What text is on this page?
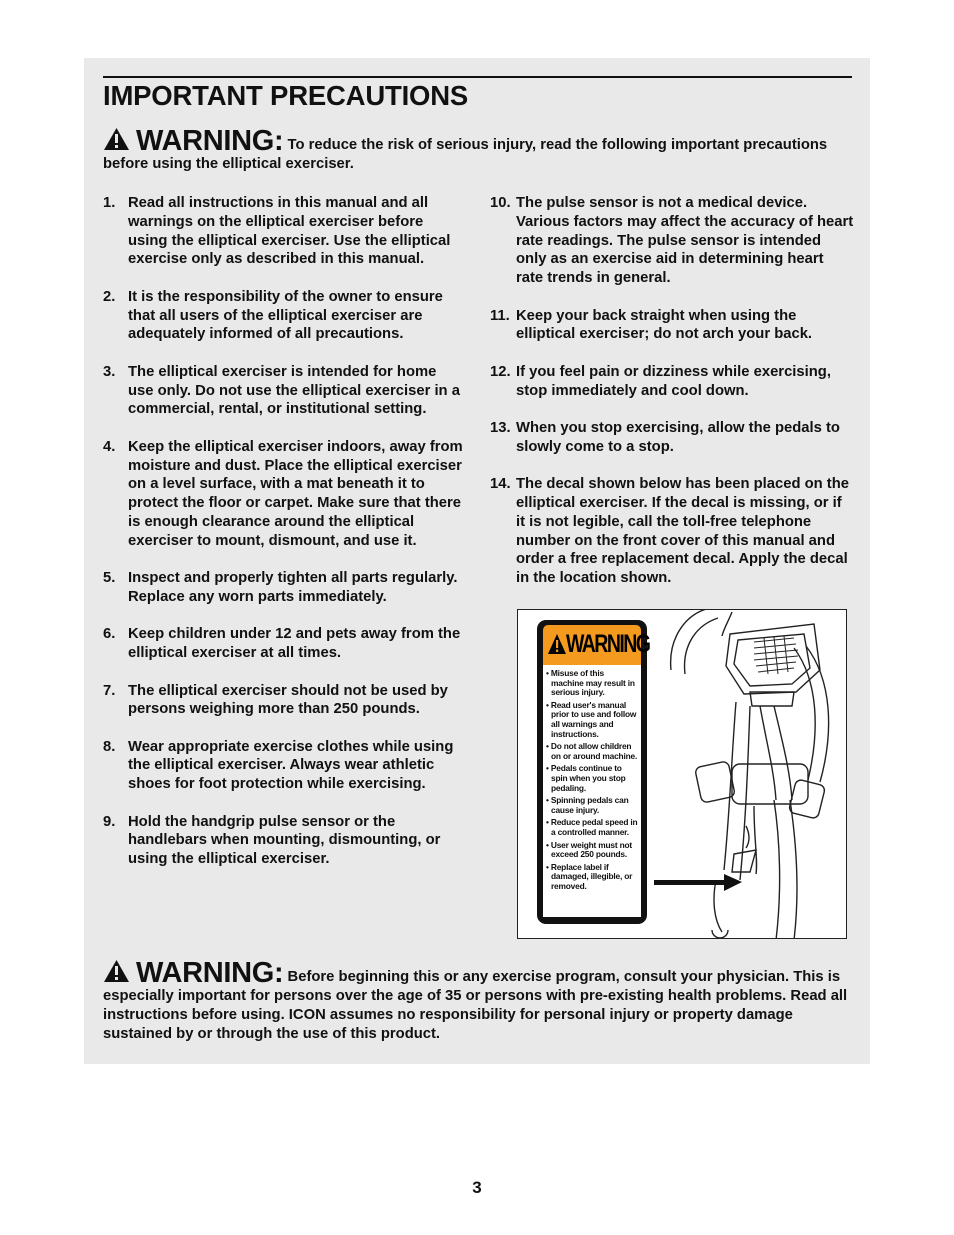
IMPORTANT PRECAUTIONS

WARNING: To reduce the risk of serious injury, read the following important precautions before using the elliptical exerciser.

1. Read all instructions in this manual and all warnings on the elliptical exerciser before using the elliptical exerciser. Use the elliptical exercise only as described in this manual.
2. It is the responsibility of the owner to ensure that all users of the elliptical exerciser are adequately informed of all precautions.
3. The elliptical exerciser is intended for home use only. Do not use the elliptical exerciser in a commercial, rental, or institutional setting.
4. Keep the elliptical exerciser indoors, away from moisture and dust. Place the elliptical exerciser on a level surface, with a mat beneath it to protect the floor or carpet. Make sure that there is enough clearance around the elliptical exerciser to mount, dismount, and use it.
5. Inspect and properly tighten all parts regularly. Replace any worn parts immediately.
6. Keep children under 12 and pets away from the elliptical exerciser at all times.
7. The elliptical exerciser should not be used by persons weighing more than 250 pounds.
8. Wear appropriate exercise clothes while using the elliptical exerciser. Always wear athletic shoes for foot protection while exercising.
9. Hold the handgrip pulse sensor or the handlebars when mounting, dismounting, or using the elliptical exerciser.
10. The pulse sensor is not a medical device. Various factors may affect the accuracy of heart rate readings. The pulse sensor is intended only as an exercise aid in determining heart rate trends in general.
11. Keep your back straight when using the elliptical exerciser; do not arch your back.
12. If you feel pain or dizziness while exercising, stop immediately and cool down.
13. When you stop exercising, allow the pedals to slowly come to a stop.
14. The decal shown below has been placed on the elliptical exerciser. If the decal is missing, or if it is not legible, call the toll-free telephone number on the front cover of this manual and order a free replacement decal. Apply the decal in the location shown.
WARNING
• Misuse of this machine may result in serious injury.
• Read user's manual prior to use and follow all warnings and instructions.
• Do not allow children on or around machine.
• Pedals continue to spin when you stop pedaling.
• Spinning pedals can cause injury.
• Reduce pedal speed in a controlled manner.
• User weight must not exceed 250 pounds.
• Replace label if damaged, illegible, or removed.

WARNING: Before beginning this or any exercise program, consult your physician. This is especially important for persons over the age of 35 or persons with pre-existing health problems. Read all instructions before using. ICON assumes no responsibility for personal injury or property damage sustained by or through the use of this product.

3
